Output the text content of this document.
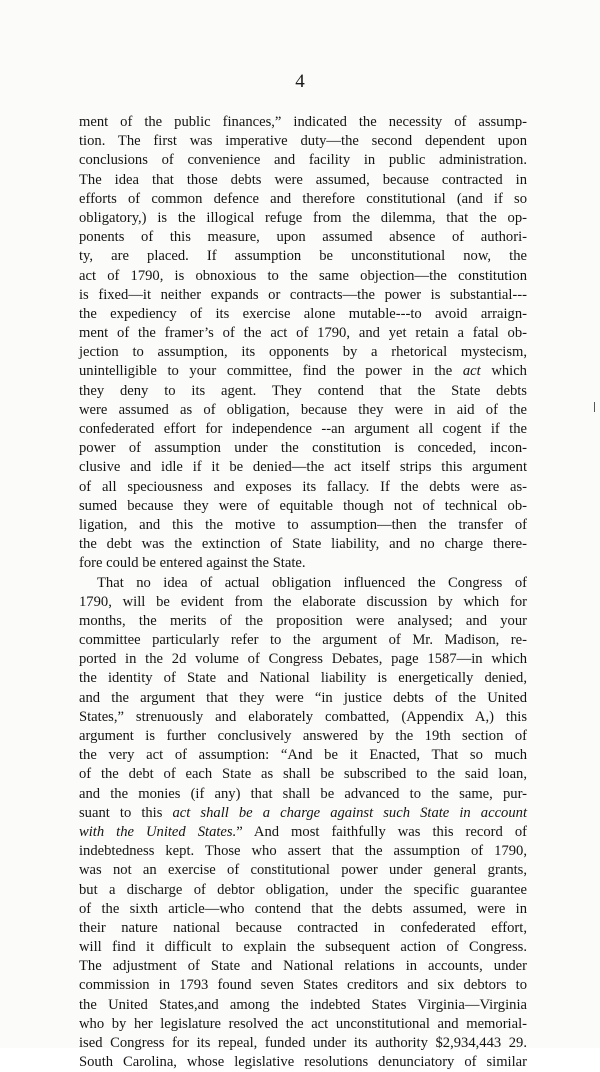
4
ment of the public finances,” indicated the necessity of assump-
tion. The first was imperative duty—the second dependent upon
conclusions of convenience and facility in public administration.
The idea that those debts were assumed, because contracted in
efforts of common defence and therefore constitutional (and if so
obligatory,) is the illogical refuge from the dilemma, that the op-
ponents of this measure, upon assumed absence of authori-
ty, are placed. If assumption be unconstitutional now, the
act of 1790, is obnoxious to the same objection—the constitution
is fixed—it neither expands or contracts—the power is substantial---
the expediency of its exercise alone mutable---to avoid arraign-
ment of the framer’s of the act of 1790, and yet retain a fatal ob-
jection to assumption, its opponents by a rhetorical mystecism,
unintelligible to your committee, find the power in the act which
they deny to its agent. They contend that the State debts
were assumed as of obligation, because they were in aid of the
confederated effort for independence --an argument all cogent if the
power of assumption under the constitution is conceded, incon-
clusive and idle if it be denied—the act itself strips this argument
of all speciousness and exposes its fallacy. If the debts were as-
sumed because they were of equitable though not of technical ob-
ligation, and this the motive to assumption—then the transfer of
the debt was the extinction of State liability, and no charge there-
fore could be entered against the State.
That no idea of actual obligation influenced the Congress of
1790, will be evident from the elaborate discussion by which for
months, the merits of the proposition were analysed; and your
committee particularly refer to the argument of Mr. Madison, re-
ported in the 2d volume of Congress Debates, page 1587—in which
the identity of State and National liability is energetically denied,
and the argument that they were “in justice debts of the United
States,” strenuously and elaborately combatted, (Appendix A,) this
argument is further conclusively answered by the 19th section of
the very act of assumption: “And be it Enacted, That so much
of the debt of each State as shall be subscribed to the said loan,
and the monies (if any) that shall be advanced to the same, pur-
suant to this act shall be a charge against such State in account
with the United States.” And most faithfully was this record of
indebtedness kept. Those who assert that the assumption of 1790,
was not an exercise of constitutional power under general grants,
but a discharge of debtor obligation, under the specific guarantee
of the sixth article—who contend that the debts assumed, were in
their nature national because contracted in confederated effort,
will find it difficult to explain the subsequent action of Congress.
The adjustment of State and National relations in accounts, under
commission in 1793 found seven States creditors and six debtors to
the United States,and among the indebted States Virginia—Virginia
who by her legislature resolved the act unconstitutional and memorial-
ised Congress for its repeal, funded under its authority $2,934,443 29.
South Carolina, whose legislative resolutions denunciatory of similar
